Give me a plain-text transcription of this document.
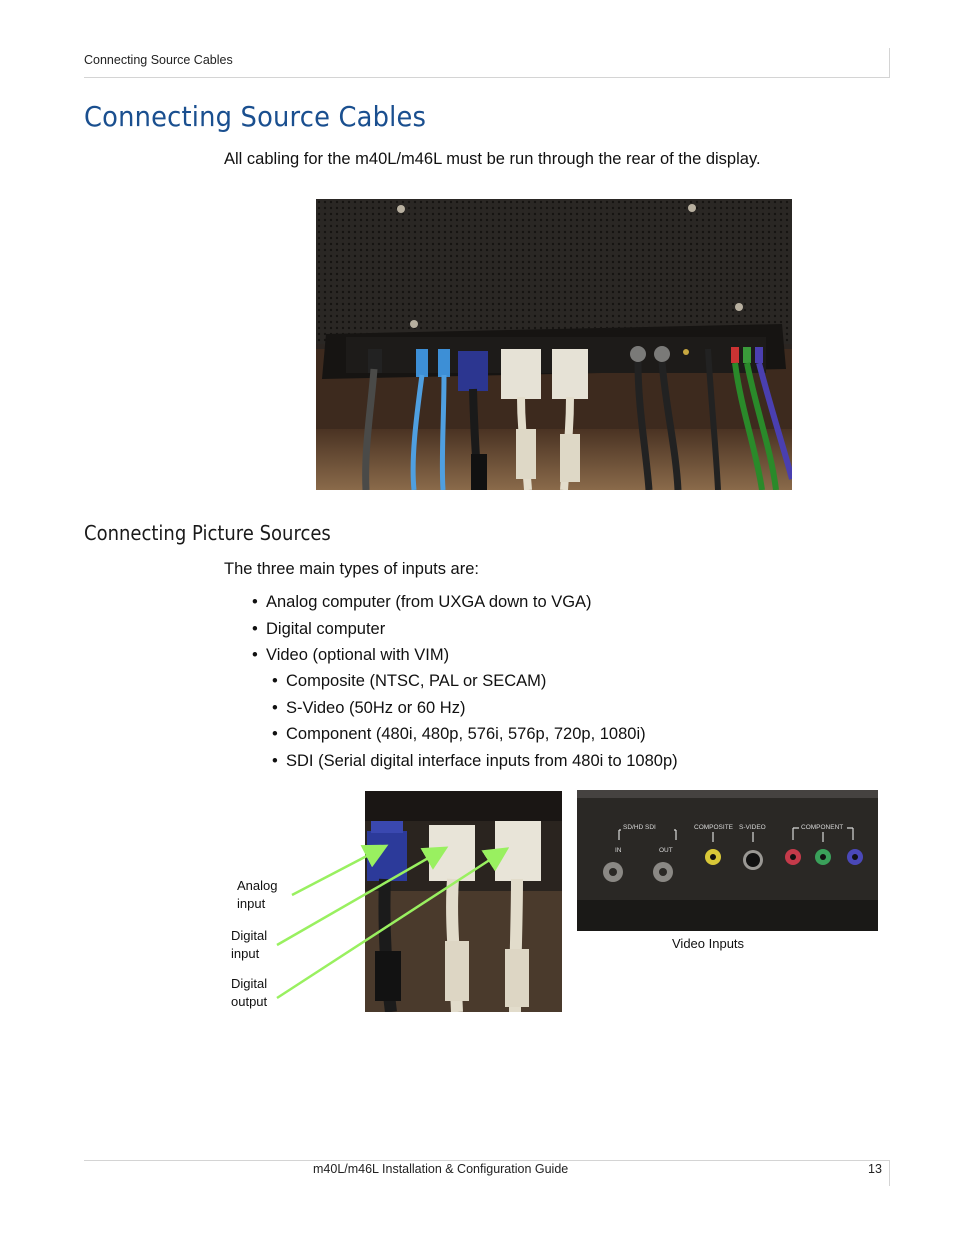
Connecting Source Cables
Connecting Source Cables
All cabling for the m40L/m46L must be run through the rear of the display.
Connecting Picture Sources
The three main types of inputs are:
• Analog computer (from UXGA down to VGA)
• Digital computer
• Video (optional with VIM)
• Composite (NTSC, PAL or SECAM)
• S-Video (50Hz or 60 Hz)
• Component (480i, 480p, 576i, 576p, 720p, 1080i)
• SDI (Serial digital interface inputs from 480i to 1080p)
SD/HD SDI
IN	OUT
COMPOSITE S-VIDEO	COMPONENT
Video Inputs
Analog
input
Digital
input
Digital
output
m40L/m46L Installation & Configuration Guide	13
